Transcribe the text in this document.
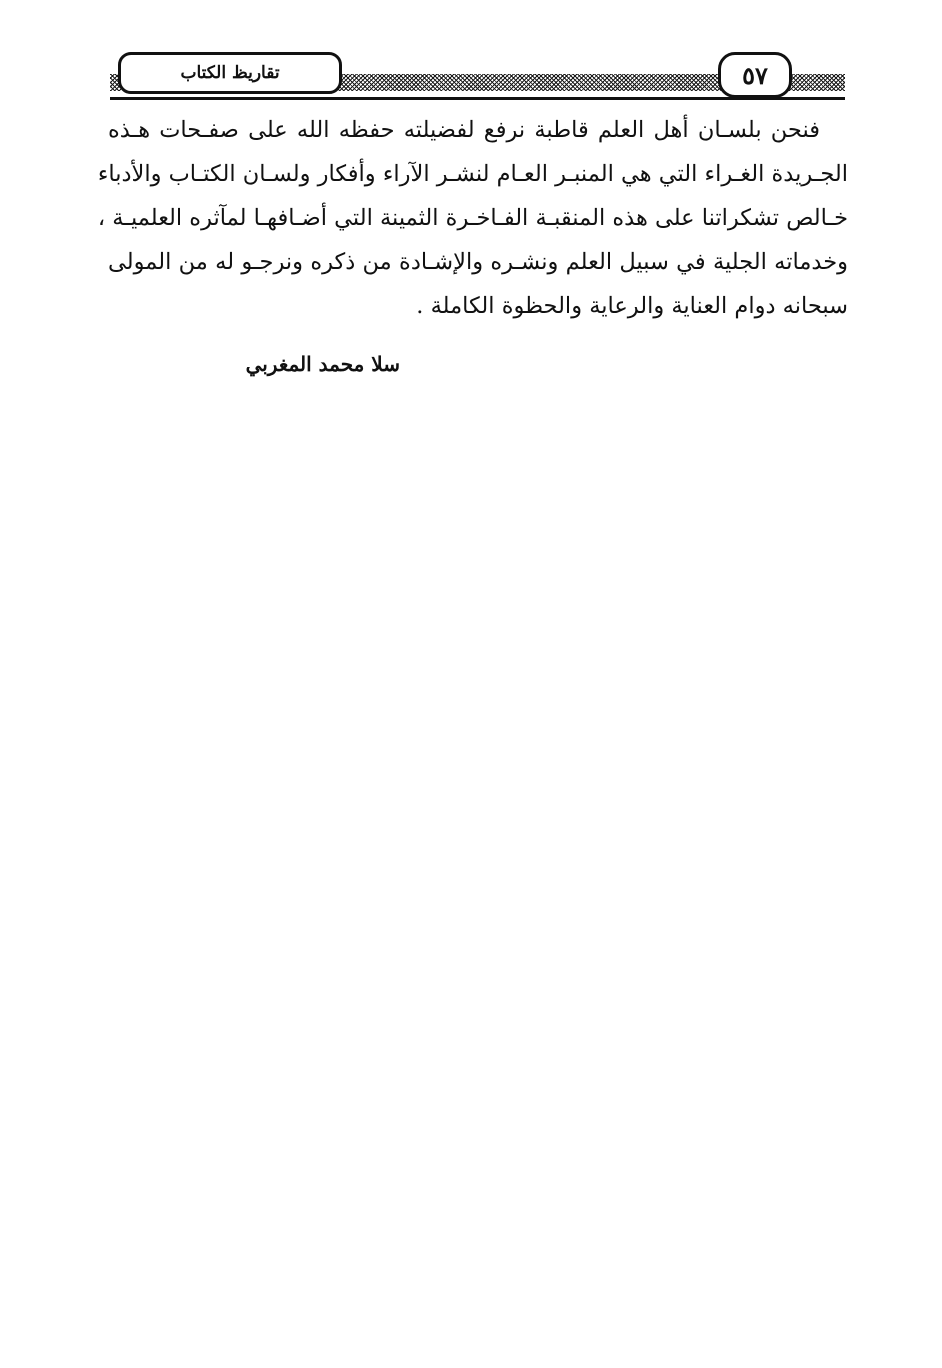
تقاريظ الكتاب	٥٧

فنحن بلسـان أهل العلم قاطبة نرفع لفضيلته حفظه الله على صفـحات هـذه
الجـريدة الغـراء التي هي المنبـر العـام لنشـر الآراء وأفكار ولسـان الكتـاب والأدباء
خـالص تشكراتنا على هذه المنقبـة الفـاخـرة الثمينة التي أضـافهـا لمآثره العلميـة ،
وخدماته الجلية في سبيل العلم ونشـره والإشـادة من ذكره ونرجـو له من المولى
سبحانه دوام العناية والرعاية والحظوة الكاملة .

سلا محمد المغربي
